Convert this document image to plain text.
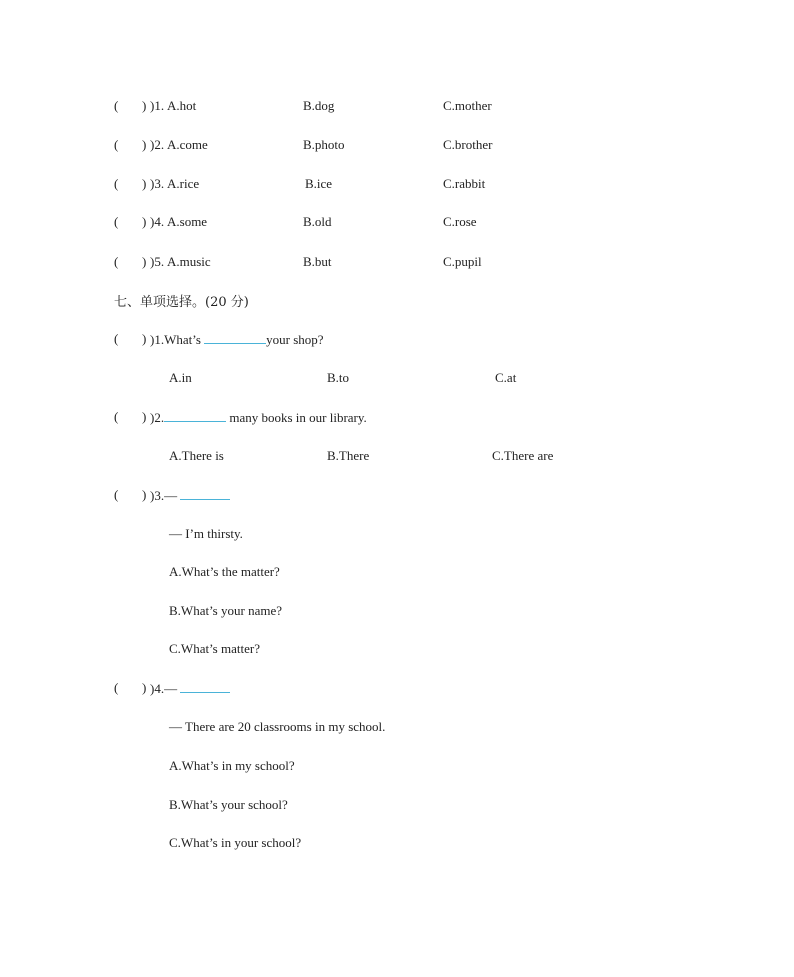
( )1. A.hot	B.dog	C.mother
( )2. A.come	B.photo	C.brother
( )3. A.rice	B.ice	C.rabbit
( )4. A.some	B.old	C.rose
( )5. A.music	B.but	C.pupil
)
)
)
)
)
七、单项选择。(20 分)
( ) )1.What’s	your shop?
A.in	B.to	C.at
( ) )2.	many books in our library.
A.There is	B.There	C.There are
( ) )3.—
— I’m thirsty.
A.What’s the matter?
B.What’s your name?
C.What’s matter?
( ) )4.—
— There are 20 classrooms in my school.
A.What’s in my school?
B.What’s your school?
C.What’s in your school?
